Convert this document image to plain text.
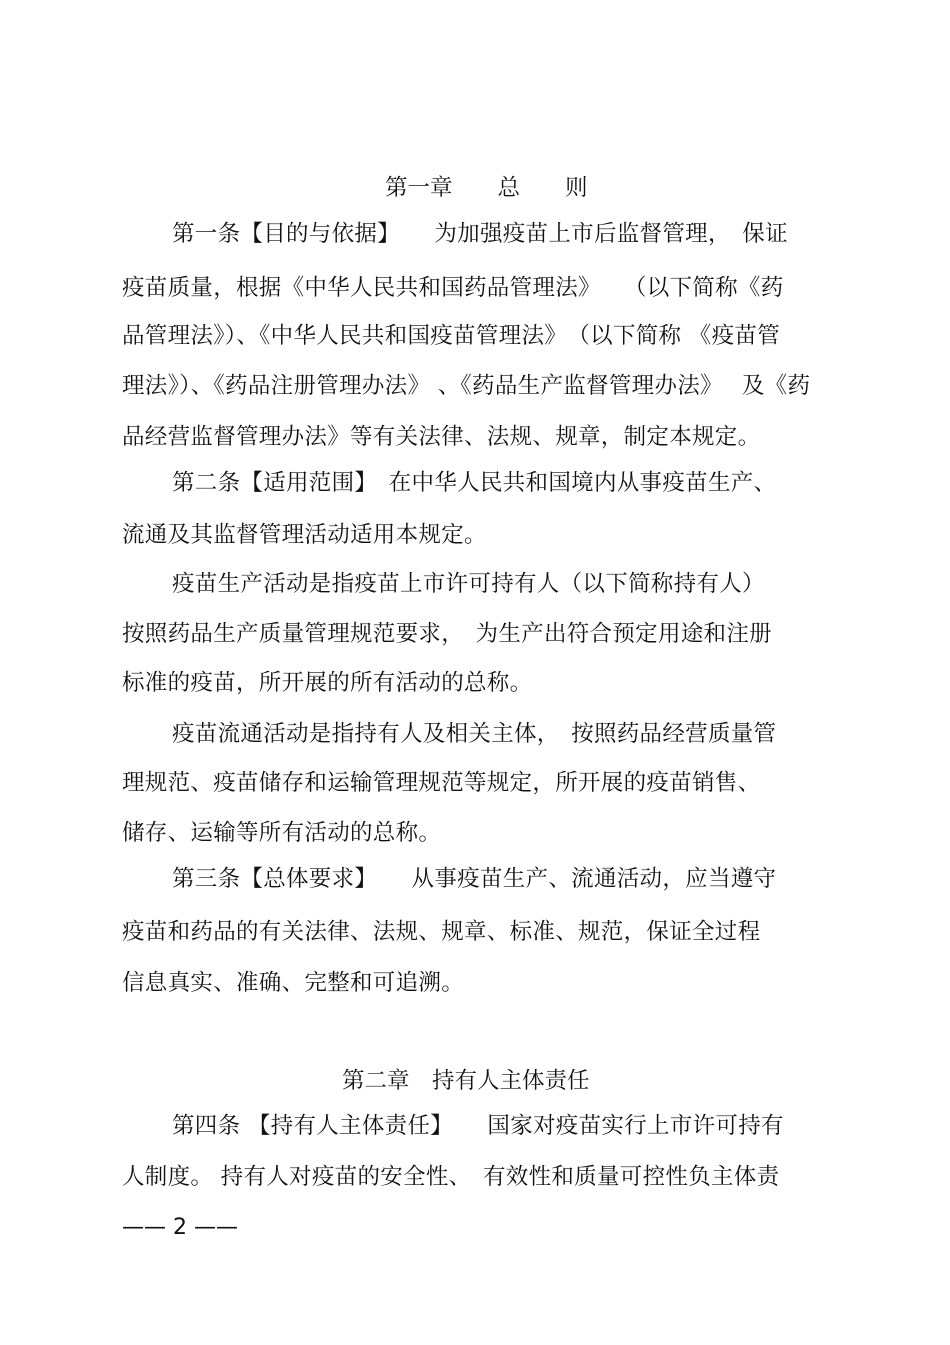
第一章　　总　　则
第一条【目的与依据】　　为加强疫苗上市后监督管理，　保证
疫苗质量，根据《中华人民共和国药品管理法》　　（以下简称《药
品管理法》）、《中华人民共和国疫苗管理法》　（以下简称 《疫苗管
理法》）、《药品注册管理办法》 、《药品生产监督管理办法》　 及《药
品经营监督管理办法》等有关法律、法规、规章，制定本规定。
第二条【适用范围】　在中华人民共和国境内从事疫苗生产、
流通及其监督管理活动适用本规定。
疫苗生产活动是指疫苗上市许可持有人（以下简称持有人）
按照药品生产质量管理规范要求，　为生产出符合预定用途和注册
标准的疫苗，所开展的所有活动的总称。
疫苗流通活动是指持有人及相关主体，　按照药品经营质量管
理规范、疫苗储存和运输管理规范等规定，所开展的疫苗销售、
储存、运输等所有活动的总称。
第三条【总体要求】　　从事疫苗生产、流通活动，应当遵守
疫苗和药品的有关法律、法规、规章、标准、规范，保证全过程
信息真实、准确、完整和可追溯。
第二章　持有人主体责任
第四条 【持有人主体责任】　　国家对疫苗实行上市许可持有
人制度。 持有人对疫苗的安全性、　有效性和质量可控性负主体责
—— 2 ——
